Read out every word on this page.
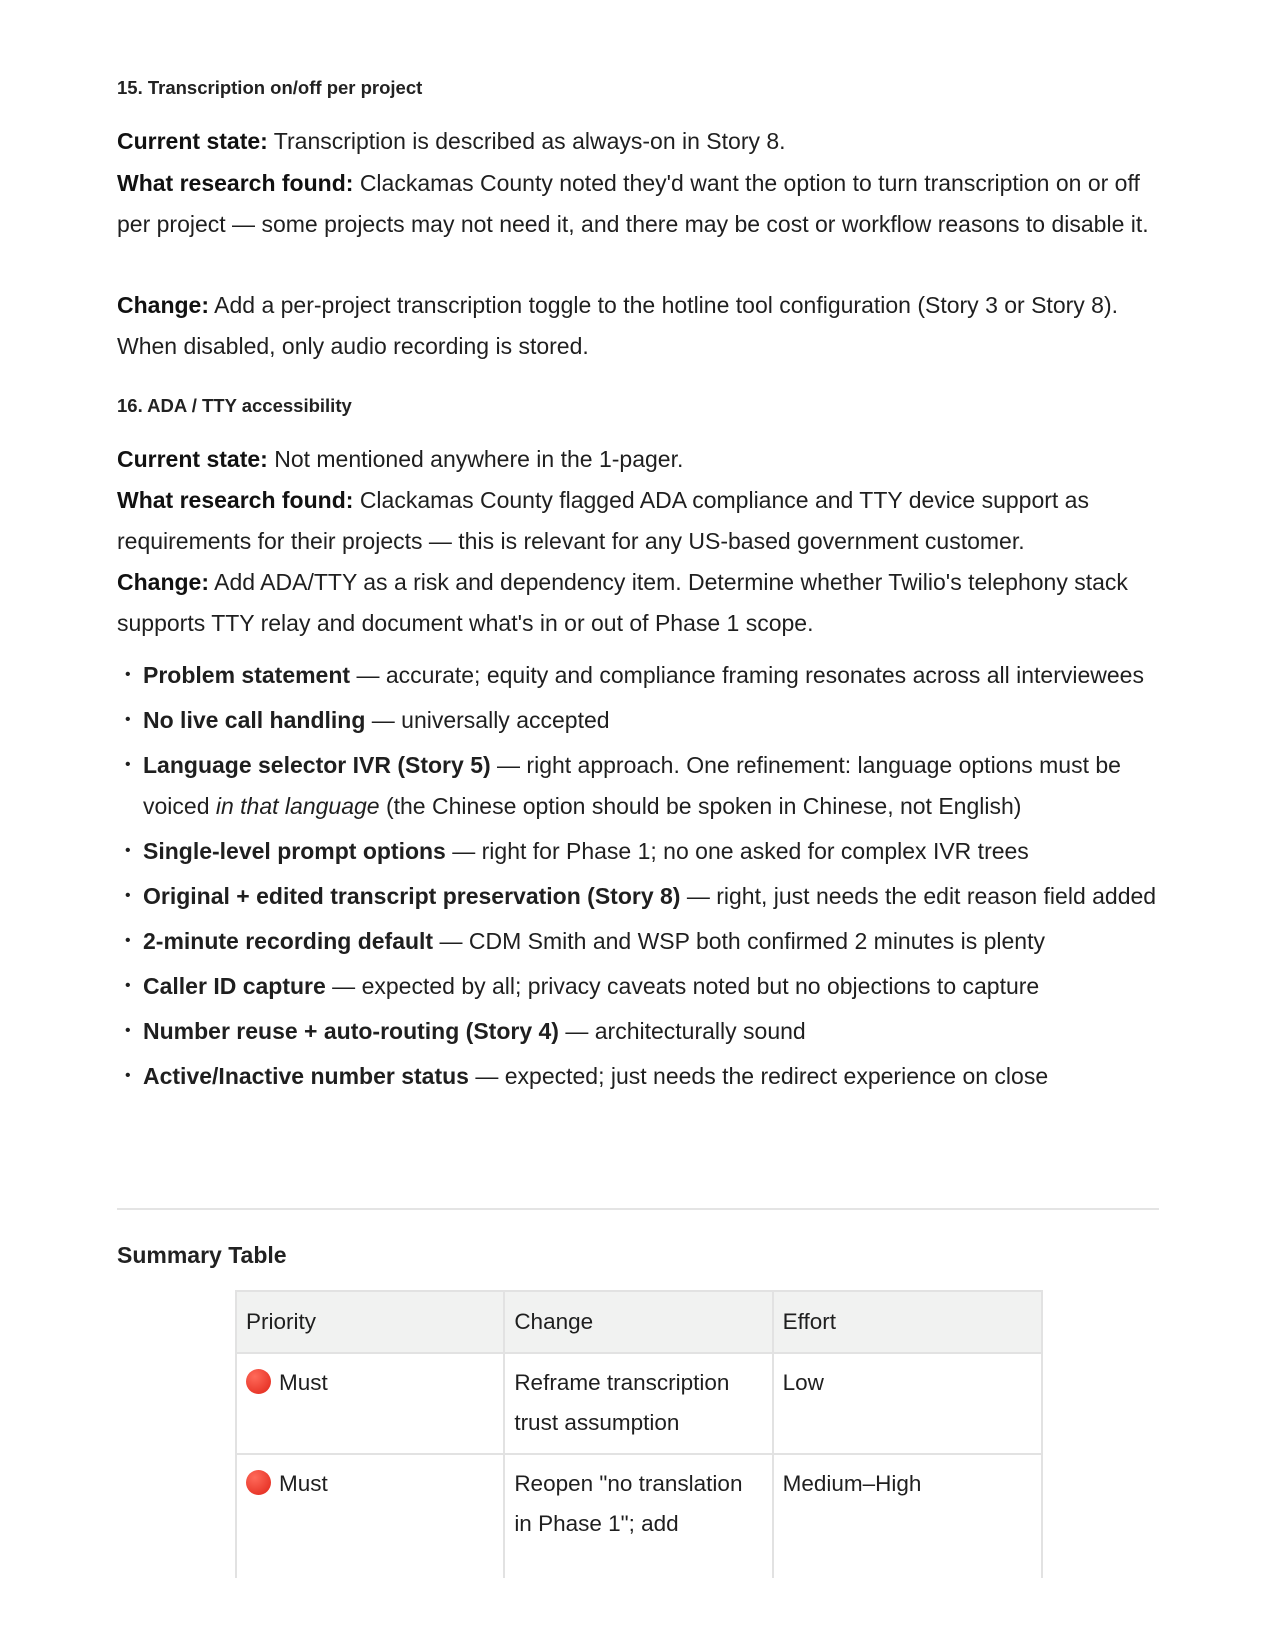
15. Transcription on/off per project
Current state: Transcription is described as always-on in Story 8.
What research found: Clackamas County noted they'd want the option to turn transcription on or off per project — some projects may not need it, and there may be cost or workflow reasons to disable it.
Change: Add a per-project transcription toggle to the hotline tool configuration (Story 3 or Story 8). When disabled, only audio recording is stored.
16. ADA / TTY accessibility
Current state: Not mentioned anywhere in the 1-pager.
What research found: Clackamas County flagged ADA compliance and TTY device support as requirements for their projects — this is relevant for any US-based government customer.
Change: Add ADA/TTY as a risk and dependency item. Determine whether Twilio's telephony stack supports TTY relay and document what's in or out of Phase 1 scope.
• Problem statement — accurate; equity and compliance framing resonates across all interviewees
• No live call handling — universally accepted
• Language selector IVR (Story 5) — right approach. One refinement: language options must be voiced in that language (the Chinese option should be spoken in Chinese, not English)
• Single-level prompt options — right for Phase 1; no one asked for complex IVR trees
• Original + edited transcript preservation (Story 8) — right, just needs the edit reason field added
• 2-minute recording default — CDM Smith and WSP both confirmed 2 minutes is plenty
• Caller ID capture — expected by all; privacy caveats noted but no objections to capture
• Number reuse + auto-routing (Story 4) — architecturally sound
• Active/Inactive number status — expected; just needs the redirect experience on close
Summary Table
Priority	Change	Effort
Must	Reframe transcription trust assumption	Low
Must	Reopen "no translation in Phase 1"; add	Medium–High
